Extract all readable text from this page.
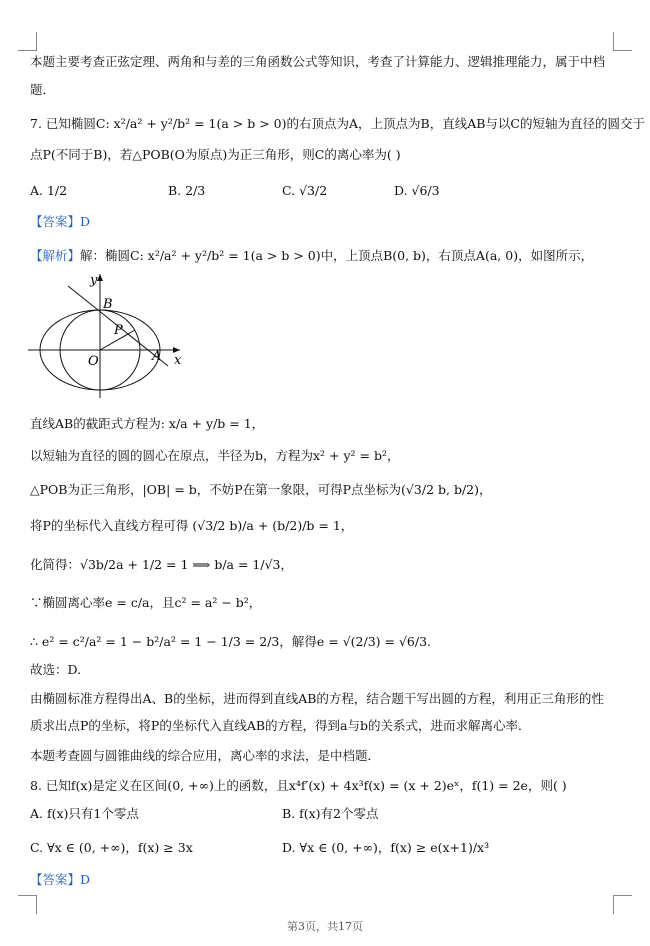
本题主要考查正弦定理、两角和与差的三角函数公式等知识，考查了计算能力、逻辑推理能力，属于中档
题．
7. 已知椭圆C: x²/a² + y²/b² = 1(a > b > 0)的右顶点为A，上顶点为B，直线AB与以C的短轴为直径的圆交于
点P(不同于B)，若△POB(O为原点)为正三角形，则C的离心率为( )
A. 1/2	B. 2/3	C. √3/2	D. √6/3
【答案】D
【解析】解：椭圆C: x²/a² + y²/b² = 1(a > b > 0)中，上顶点B(0, b)，右顶点A(a, 0)，如图所示，
y
x
B
P
O	A
直线AB的截距式方程为: x/a + y/b = 1，
以短轴为直径的圆的圆心在原点，半径为b，方程为x² + y² = b²，
△POB为正三角形，|OB| = b，不妨P在第一象限，可得P点坐标为(√3/2 b, b/2)，
将P的坐标代入直线方程可得 (√3/2 b)/a + (b/2)/b = 1，
化简得：√3b/2a + 1/2 = 1 ⟹ b/a = 1/√3，
∵椭圆离心率e = c/a，且c² = a² − b²，
∴ e² = c²/a² = 1 − b²/a² = 1 − 1/3 = 2/3，解得e = √(2/3) = √6/3.
故选：D.
由椭圆标准方程得出A、B的坐标，进而得到直线AB的方程，结合题干写出圆的方程，利用正三角形的性
质求出点P的坐标，将P的坐标代入直线AB的方程，得到a与b的关系式，进而求解离心率．
本题考查圆与圆锥曲线的综合应用，离心率的求法，是中档题．
8. 已知f(x)是定义在区间(0, +∞)上的函数，且x⁴f′(x) + 4x³f(x) = (x + 2)eˣ，f(1) = 2e，则( )
A. f(x)只有1个零点	B. f(x)有2个零点
C. ∀x ∈ (0, +∞)，f(x) ≥ 3x	D. ∀x ∈ (0, +∞)，f(x) ≥ e(x+1)/x³
【答案】D
第3页，共17页
